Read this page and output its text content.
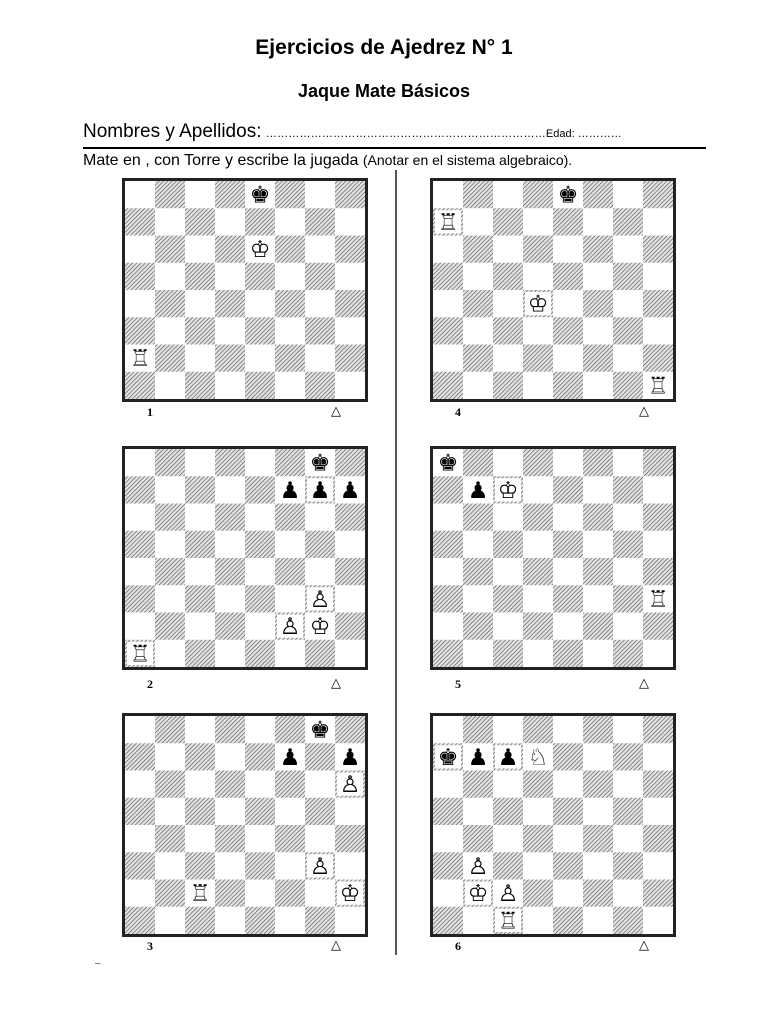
Ejercicios de Ajedrez N° 1
Jaque Mate Básicos
Nombres y Apellidos: …………………………………………………………………Edad: …………
Mate en , con Torre y escribe la jugada (Anotar en el sistema algebraico).
♚
♔
♖
1	△
♚
♖
♔
♖
4	△
♚
♟ ♟ ♟
♙
♙ ♔
♖
2	△
♚
♟ ♔
♖
5	△
♚
♟ ♟
♙
♙
♖	♔
3	△
♚ ♟ ♟ ♘
♙
♔ ♙
♖
6	△
–
